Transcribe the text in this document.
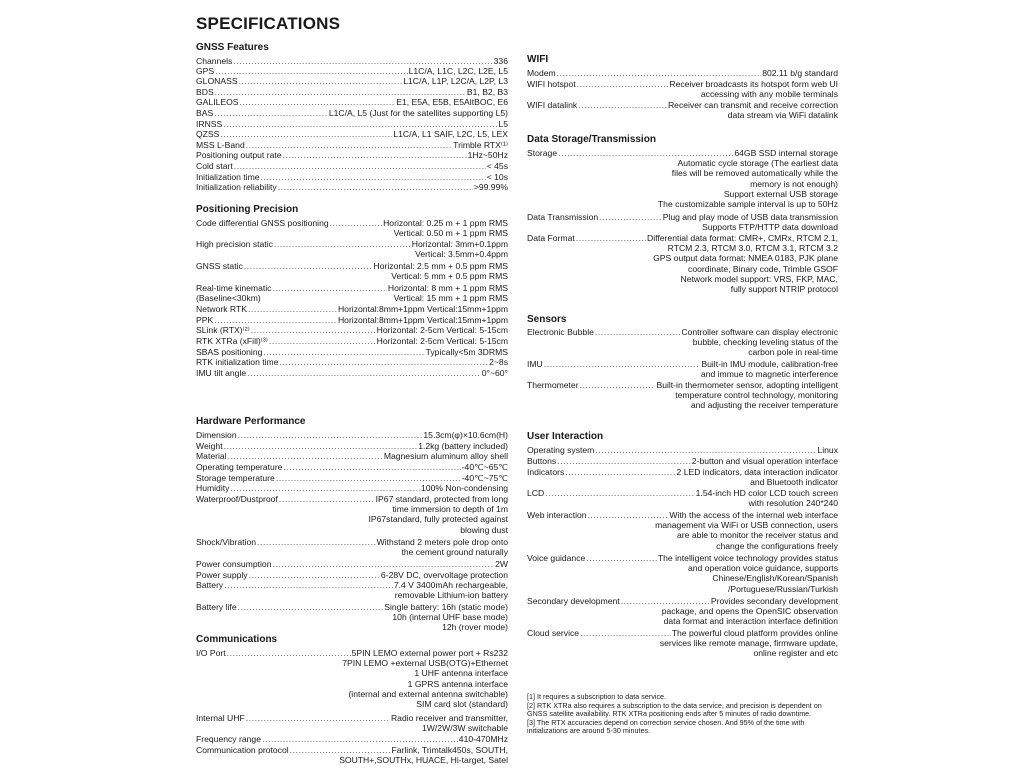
SPECIFICATIONS
GNSS Features
Channels .....	336
GPS .....	L1C/A, L1C, L2C, L2E, L5
GLONASS .....	L1C/A, L1P, L2C/A, L2P, L3
BDS .....	B1, B2, B3
GALILEOS .....	E1, E5A, E5B, E5AltBOC, E6
BAS .....	L1C/A, L5 (Just for the satellites supporting L5)
IRNSS .....	L5
QZSS .....	L1C/A, L1 SAIF, L2C, L5, LEX
MSS L-Band .....	Trimble RTX⁽¹⁾
Positioning output rate .....	1Hz~50Hz
Cold start .....	< 45s
Initialization time .....	< 10s
Initialization reliability .....	>99.99%
Positioning Precision
Code differential GNSS positioning .....	Horizontal: 0.25 m + 1 ppm RMS
Vertical: 0.50 m + 1 ppm RMS
High precision static .....	Horizontal: 3mm+0.1ppm
Vertical: 3.5mm+0.4ppm
GNSS static .....	Horizontal: 2.5 mm + 0.5 ppm RMS
Vertical: 5 mm + 0.5 ppm RMS
Real-time kinematic .....	Horizontal: 8 mm + 1 ppm RMS
(Baseline<30km)	Vertical: 15 mm + 1 ppm RMS
Network RTK .....	Horizontal:8mm+1ppm Vertical:15mm+1ppm
PPK .....	Horizontal:8mm+1ppm Vertical:15mm+1ppm
SLink (RTX)⁽²⁾ .....	Horizontal: 2-5cm Vertical: 5-15cm
RTK XTRa (xFill)⁽³⁾ .....	Horizontal: 2-5cm Vertical: 5-15cm
SBAS positioning .....	Typically<5m 3DRMS
RTK initialization time .....	2~8s
IMU tilt angle .....	0°~60°
Hardware Performance
Dimension .....	15.3cm(φ)×10.6cm(H)
Weight .....	1.2kg (battery included)
Material .....	Magnesium aluminum alloy shell
Operating temperature .....	-40℃~65℃
Storage temperature .....	-40℃~75℃
Humidity .....	100% Non-condensing
Waterproof/Dustproof .....	IP67 standard, protected from long
time immersion to depth of 1m
IP67standard, fully protected against
blowing dust
Shock/Vibration .....	Withstand 2 meters pole drop onto
the cement ground naturally
Power consumption .....	2W
Power supply .....	6-28V DC, overvoltage protection
Battery .....	7.4 V 3400mAh rechargeable,
removable Lithium-ion battery
Battery life .....	Single battery: 16h (static mode)
10h (internal UHF base mode)
12h (rover mode)
Communications
I/O Port .....	5PIN LEMO external power port + Rs232
7PIN LEMO +external USB(OTG)+Ethernet
1 UHF antenna interface
1 GPRS antenna interface
(internal and external antenna switchable)
SIM card slot (standard)
Internal UHF .....	Radio receiver and transmitter,
1W/2W/3W switchable
Frequency range .....	410-470MHz
Communication protocol .....	Farlink, Trimtalk450s, SOUTH,
SOUTH+,SOUTHx, HUACE, Hi-target, Satel
WIFI
Modem .....	802.11 b/g standard
WIFI hotspot .....	Receiver broadcasts its hotspot form web UI
accessing with any mobile terminals
WIFI datalink .....	Receiver can transmit and receive correction
data stream via WiFi datalink
Data Storage/Transmission
Storage .....	64GB SSD internal storage
Automatic cycle storage (The earliest data
files will be removed automatically while the
memory is not enough)
Support external USB storage
The customizable sample interval is up to 50Hz
Data Transmission .....	Plug and play mode of USB data transmission
Supports FTP/HTTP data download
Data Format .....	Differential data format: CMR+, CMRx, RTCM 2.1,
RTCM 2.3, RTCM 3.0, RTCM 3.1, RTCM 3.2
GPS output data format: NMEA 0183, PJK plane
coordinate, Binary code, Trimble GSOF
Network model support: VRS, FKP, MAC,
fully support NTRIP protocol
Sensors
Electronic Bubble .....	Controller software can display electronic
bubble, checking leveling status of the
carbon pole in real-time
IMU .....	Built-in IMU module, calibration-free
and immue to magnetic interference
Thermometer .....	Built-in thermometer sensor, adopting intelligent
temperature control technology, monitoring
and adjusting the receiver temperature
User Interaction
Operating system .....	Linux
Buttons .....	2-button and visual operation interface
Indicators .....	2 LED indicators, data interaction indicator
and Bluetooth indicator
LCD .....	1.54-inch HD color LCD touch screen
with resolution 240*240
Web interaction .....	With the access of the internal web interface
management via WiFi or USB connection, users
are able to monitor the receiver status and
change the configurations freely
Voice guidance .....	The intelligent voice technology provides status
and operation voice guidance, supports
Chinese/English/Korean/Spanish
/Portuguese/Russian/Turkish
Secondary development .....	Provides secondary development
package, and opens the OpenSIC observation
data format and interaction interface definition
Cloud service .....	The powerful cloud platform provides online
services like remote manage, firmware update,
online register and etc
[1] It requires a subscription to data service.
[2] RTK XTRa also requires a subscription to the data service, and precision is dependent on GNSS satellite availability. RTK XTRa positioning ends after 5 minutes of radio downtime.
[3] The RTX accuracies depend on correction service chosen. And 95% of the time with initializations are around 5-30 minutes.
